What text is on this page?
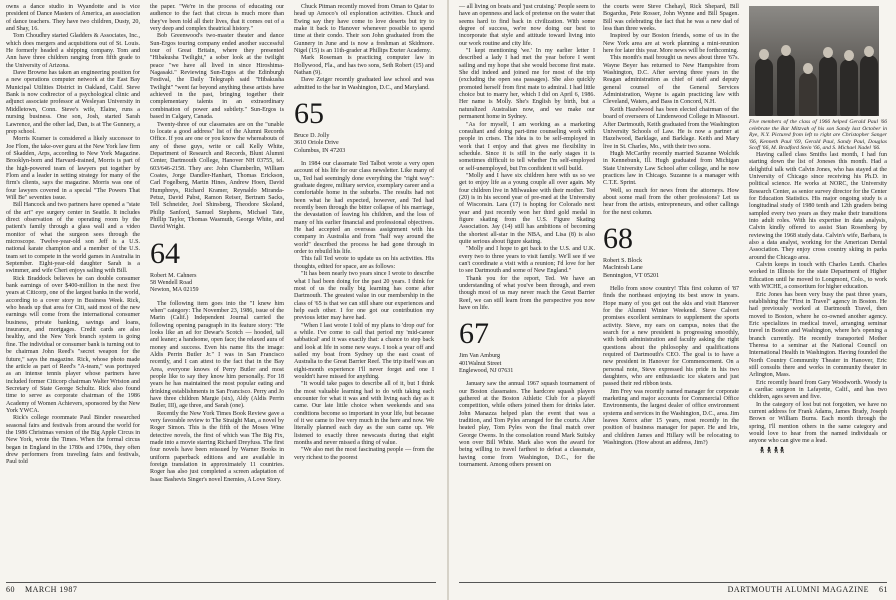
owns a dance studio in Wyandotte and is vice president of Dance Masters of America, an association of dance teachers. They have two children, Dusty, 20, and Shay, 16.

Tom Choudhry started Gladders & Associates, Inc., which does mergers and acquisitions out of St. Louis. He formerly headed a shipping company. Tom and Ann have three children ranging from fifth grade to the University of Arizona.

Dave Browne has taken an engineering position for a new operations computer network at the East Bay Municipal Utilities District in Oakland, Calif. Steve Bank is now codirector of a psychological clinic and adjunct associate professor at Wesleyan University in Middletown, Conn. Steve's wife, Elaine, runs a nursing business. One son, Josh, started Sarah Lawrence, and the other lad, Dan, is at The Gunnery, a prep school.

Morris Kramer is considered a likely successor to Joe Flom, the take-over guru at the New York law firm of Skadden, Arps, according to New York Magazine. Brooklyn-born and Harvard-trained, Morris is part of the high-powered team of lawyers put together by Flom and a leader in setting strategy for many of the firm's clients, says the magazine. Morris was one of four lawyers covered in a special "The Powers That Will Be" seventies issue.

Bill Hancock and two partners have opened a "state of the art" eye surgery center in Seattle. It includes direct observation of the operating room by the patient's family through a glass wall and a video monitor of what the surgeon sees through the microscope. Twelve-year-old son Jeff is a U.S. national karate champion and a member of the U.S. team set to compete in the world games in Australia in September. Eight-year-old daughter Sarah is a swimmer, and wife Cheri enjoys sailing with Bill.

Rick Braddock believes he can double consumer bank earnings of over $400-million in the next five years at Citicorp, one of the largest banks in the world, according to a cover story in Business Week. Rick, who heads up that area for Citi, said most of the new earnings will come from the international consumer business, private banking, savings and loans, insurance, and mortgages. Credit cards are also healthy, and the New York branch system is going fine. The individual or consumer bank is turning out to be chairman John Reed's "secret weapon for the future," says the magazine. Rick, whose photo made the article as part of Reed's "A-team," was portrayed as an intense tennis player whose partners have included former Citicorp chairman Walter Wriston and Secretary of State George Schultz. Rick also found time to serve as corporate chairman of the 1986 Academy of Women Achievers, sponsored by the New York YWCA.

Rick's college roommate Paul Binder researched seasonal fairs and festivals from around the world for the 1986 Christmas version of the Big Apple Circus in New York, wrote the Times. When the formal circus began in England in the 1780s and 1790s, they often drew performers from traveling fairs and festivals, Paul told

the paper. "We're in the process of educating our audience to the fact that circus is much more than they've been told all their lives, that it comes out of a very deep and complex theatrical history."

Bob Greenwood's two-master theater and dance Sun-Ergos touring company ended another successful tour of Great Britain, where they presented "Hibakusha Twilight," a sober look at the twilight peace "we have all lived in since Hiroshima-Nagasaki." Reviewing Sun-Ergos at the Edinburgh Festival, the Daily Telegraph said "Hibakusha Twilight" "went far beyond anything these artists have achieved in the past, bringing together their complementary talents in an extraordinary combination of power and subtlety." Sun-Ergos is based in Calgary, Canada.

Twenty-three of our classmates are on the "unable to locate a good address" list of the Alumni Records Office. If you are one or you know the whereabouts of any of these guys, write or call Kelly White, Department of Research and Records, Blunt Alumni Center, Dartmouth College, Hanover NH 03755, tel. 603/646-2158. They are: John Chamberlin, William Coates, Jorge Dandler-Hanhart, Thomas Erickson, Carl Fogelberg, Martin Hines, Andrew Hoen, David Humphreys, Richard Kramer, Reynaldo Miranda-Petuz, David Pabst, Ramon Reiser, Bertram Sacks, Tell Schneider, Joel Shinsberg, Theodore Skoland, Philip Sanford, Samuel Stephens, Michael Tate, Phillip Taylor, Thomas Wasmuth, George White, and David Wright.

64

Robert M. Cahners
58 Wendell Road
Newton, MA 02159

The following item goes into the "I knew him when" category: The November 23, 1986, issue of the Marin (Calif.) Independent Journal carried the following opening paragraph in its feature story: "He looks like an ad for Dewar's Scotch — hooded, tall and leaner; a handsome, open face; the relaxed aura of money and success. Even his name fits the image: Aldis Perrin Butler Jr." I was in San Francisco recently, and I can attest to the fact that in the Bay Area, everyone knows of Perry Butler and most people like to say they know him personally. For 18 years he has maintained the most popular eating and drinking establishments in San Francisco. Perry and Jo have three children Margie (six), Aldy (Aldis Perrin Butler, III), age three, and Sarah (one).

Recently the New York Times Book Review gave a very favorable review to The Straight Man, a novel by Roger Simon. This is the fifth of the Moses Wine detective novels, the first of which was The Big Fix, made into a movie starring Richard Dreyfuss. The first four novels have been reissued by Warner Books in uniform paperback editions and are available in foreign translation in approximately 11 countries. Roger has also just completed a screen adaptation of Isaac Bashevis Singer's novel Enemies, A Love Story.

Chuck Pitman recently moved from Oman to Qatar to head up Amoco's oil exploration activities. Chuck and Ewing say they have come to love deserts but try to make it back to Hanover whenever possible to spend time at their condo. Their son John graduated from the Gunnery in June and is now a freshman at Skidmore. Nigel (15) is an 11th-grader at Phillips Exeter Academy.

Mark Roseman is practicing computer law in Hollywood, Fla., and has two sons, Seth Robert (15) and Nathan (9).

Dave Zeiger recently graduated law school and was admitted to the bar in Washington, D.C., and Maryland.

65

Bruce D. Jolly
3610 Oriole Drive
Columbus, IN 47203

In 1984 our classmate Ted Talbot wrote a very open account of his life for our class newsletter. Like many of us, Ted had seemingly done everything the "right way": graduate degree, military service, exemplary career and a comfortable home in the suburbs. The results had not been what he had expected, however, and Ted had recently been through the bitter collapse of his marriage, the devastation of leaving his children, and the loss of many of his earlier financial and professional objectives. He had accepted an overseas assignment with his company in Australia and from "half way around the world" described the process he had gone through in order to rebuild his life.

This fall Ted wrote to update us on his activities. His thoughts, edited for space, are as follows:

"It has been nearly two years since I wrote to describe what I had been doing for the past 20 years. I think for most of us the really big learning has come after Dartmouth. The greatest value in our membership in the class of '65 is that we can still share our experiences and help each other. I for one got our contribution my previous letter may have had.

"When I last wrote I told of my plans to 'drop out' for a while. I've come to call that period my 'mid-career sabbatical' and it was exactly that: a chance to step back and look at life in some new ways. I took a year off and sailed my boat from Sydney up the east coast of Australia to the Great Barrier Reef. The trip itself was an eight-month experience I'll never forget and one I wouldn't have missed for anything.

"It would take pages to describe all of it, but I think the most valuable learning had to do with taking each encounter for what it was and with living each day as it came. Our late little choice when weekends and sea conditions become so important in your life, but because of it we came to live very much in the here and now. We literally planned each day as the sun came up. We listened to exactly three newscasts during that eight months and never missed a thing of value.

"We also met the most fascinating people — from the very richest to the poorest

60 MARCH 1987

— all living on boats and 'just cruising.' People seem to have an openness and lack of pretense on the water that seems hard to find back in civilization. With some degree of success, we're now doing our best to incorporate that style and attitude toward living into our work routine and city life.

"I kept mentioning 'we.' In my earlier letter I described a lady I had met the year before I went sailing and my hope that she would become first mate. She did indeed and joined me for most of the trip (excluding the open sea passages). She also quickly promoted herself from first mate to admiral. I had little choice but to marry her, which I did on April 6, 1986. Her name is Molly. She's English by birth, but a naturalized Australian now, and we make our permanent home in Sydney.

"As for myself, I am working as a marketing consultant and doing part-time counseling work with people in crises. The idea is to be self-employed in work that I enjoy and that gives me flexibility in schedule. Since it is still in the early stages it is sometimes difficult to tell whether I'm self-employed or self-unemployed, but I'm confident it will build.

"Molly and I have six children here with us so we get to enjoy life as a young couple all over again. My four children live in Milwaukee with their mother. Ted (20) is in his second year of pre-med at the University of Wisconsin. Lara (17) is hoping for Colorado next year and just recently won her third gold medal in figure skating from the U.S. Figure Skating Association. Jay (14) still has ambitions of becoming the shortest all-star in the NBA, and Lisa (8) is also quite serious about figure skating.

"Molly and I hope to get back to the U.S. and U.K. every two to three years to visit family. We'll see if we can't coordinate a visit with a reunion; I'd love for her to see Dartmouth and some of New England."

Thank you for the report, Ted. We have an understanding of what you've been through, and even though most of us may never reach the Great Barrier Reef, we can still learn from the perspective you now have on life.

67

Jim Van Amburg
401Walnut Street
Englewood, NJ 07631

January saw the annual 1967 squash tournament of our Boston classmates. The hardcore squash players gathered at the Boston Athletic Club for a playoff competition, while others joined them for drinks later. John Manazza helped plan the event that was a tradition, and Tom Pyles arranged for the courts. After heated play, Tom Pyles won the final match over George Owens. In the consolation round Mark Suitsky won over Bill White. Mark also won the award for being willing to travel farthest to defeat a classmate, having come from Washington, D.C., for the tournament. Among others present on

the courts were Steve Chehayl, Rick Shepard, Bill Bogardus, Pete Rosser, John Wynne and Bill Spagen. Bill was celebrating the fact that he was a new dad of less than three weeks.

Inspired by our Boston friends, some of us in the New York area are at work planning a mini-reunion here for later this year. More news will be forthcoming.

This month's mail brought us news about three '67s. Wayne Beyer has returned to New Hampshire from Washington, D.C. After serving three years in the Reagan administration as chief of staff and deputy general counsel of the General Services Administration, Wayne is again practicing law with Cleveland, Waters, and Bass in Concord, N.H.

Keith Hazelwood has been elected chairman of the board of overseers of Lindenwood College in Missouri. After Dartmouth, Keith graduated from the Washington University Schools of Law. He is now a partner at Hazelwood, Barklage, and Barklage. Keith and Mary live in St. Charles, Mo., with their two sons.

Hugh McCarthy recently married Suzanne Wolchik in Kennebunk, Ill. Hugh graduated from Michigan State University Law School after college, and he now practices law in Chicago. Suzanne is a manager with C.T.E. Sprint.

Well, so much for news from the attorneys. How about some mail from the other professions? Let us hear from the artists, entrepreneurs, and other callings for the next column.

68

Robert S. Block
MacIntosh Lane
Bennington, VT 05201

Hello from snow country! This first column of '87 finds the northeast enjoying its best snow in years. Hope many of you get out the skis and visit Hanover for the Alumni Winter Weekend. Steve Calvert promises excellent seminars to supplement the sports activity. Steve, my ears on campus, notes that the search for a new president is progressing smoothly, with both administration and faculty asking the right questions about the philosophy and qualifications required of Dartmouth's CEO. The goal is to have a new president in Hanover for Commencement. On a personal note, Steve expressed his pride in his two daughters, who are enthusiastic ice skaters and just passed their red ribbon tests.

Jim Frey was recently named manager for corporate marketing and major accounts for Commercial Office Environments, the largest dealer of office environment systems and services in the Washington, D.C., area. Jim leaves Xerox after 15 years, most recently in the position of business manager for paper. He and Iris, and children James and Hillary will be relocating to Washington. (How about an address, Jim?)

Five members of the class of 1966 helped Gerald Paul '66 celebrate the Bar Mitzvah of his son Sandy last October in Rye, N.Y. Pictured from left to right are Christopher Sanger '66, Kenneth Paul '69, Gerald Paul, Sandy Paul, Douglas Scoff '66, M. Bradford Stein '66, and S. Michael Nadel '66.

Having called class Smiths last month, I had fun starting down the list of Joneses this month. Had a delightful talk with Calvin Jones, who has stayed at the University of Chicago since receiving his Ph.D. in political science. He works at NORC, the University Research Center, as senior survey director for the Center for Education Statistics. His major ongoing study is a longitudinal study of 1980 tenth and 12th graders being sampled every two years as they make their transitions into adult roles. With his expertise in data analysis, Calvin kindly offered to assist Stan Rosenberg by reviewing the 1968 study data. Calvin's wife, Barbara, is also a data analyst, working for the American Dental Association. They enjoy cross country skiing in parks around the Chicago area.

Calvin keeps in touch with Charles Lenth. Charles worked in Illinois for the state Department of Higher Education until he moved to Longmont, Colo., to work with WICHE, a consortium for higher education.

Eric Jones has been very busy the past three years, establishing the "First in Travel" agency in Boston. He had previously worked at Dartmouth Travel, then moved to Boston, where he co-owned another agency. Eric specializes in medical travel, arranging seminar travel in Boston and Washington, where he's opening a branch currently. He recently transported Mother Theresa to a seminar at the National Council on International Health in Washington. Having founded the North Country Community Theater in Hanover, Eric still consults there and works in community theater in Arlington, Mass.

Eric recently heard from Gary Woodworth. Woody is a cardiac surgeon in Lafayette, Calif., and has two children, ages seven and five.

In the category of lost but not forgotten, we have no current address for Frank Adams, James Brady, Joseph Brown or William Burns. Each month through the spring, I'll mention others in the same category and would love to hear from the named individuals or anyone who can give me a lead.

DARTMOUTH ALUMNI MAGAZINE 61
